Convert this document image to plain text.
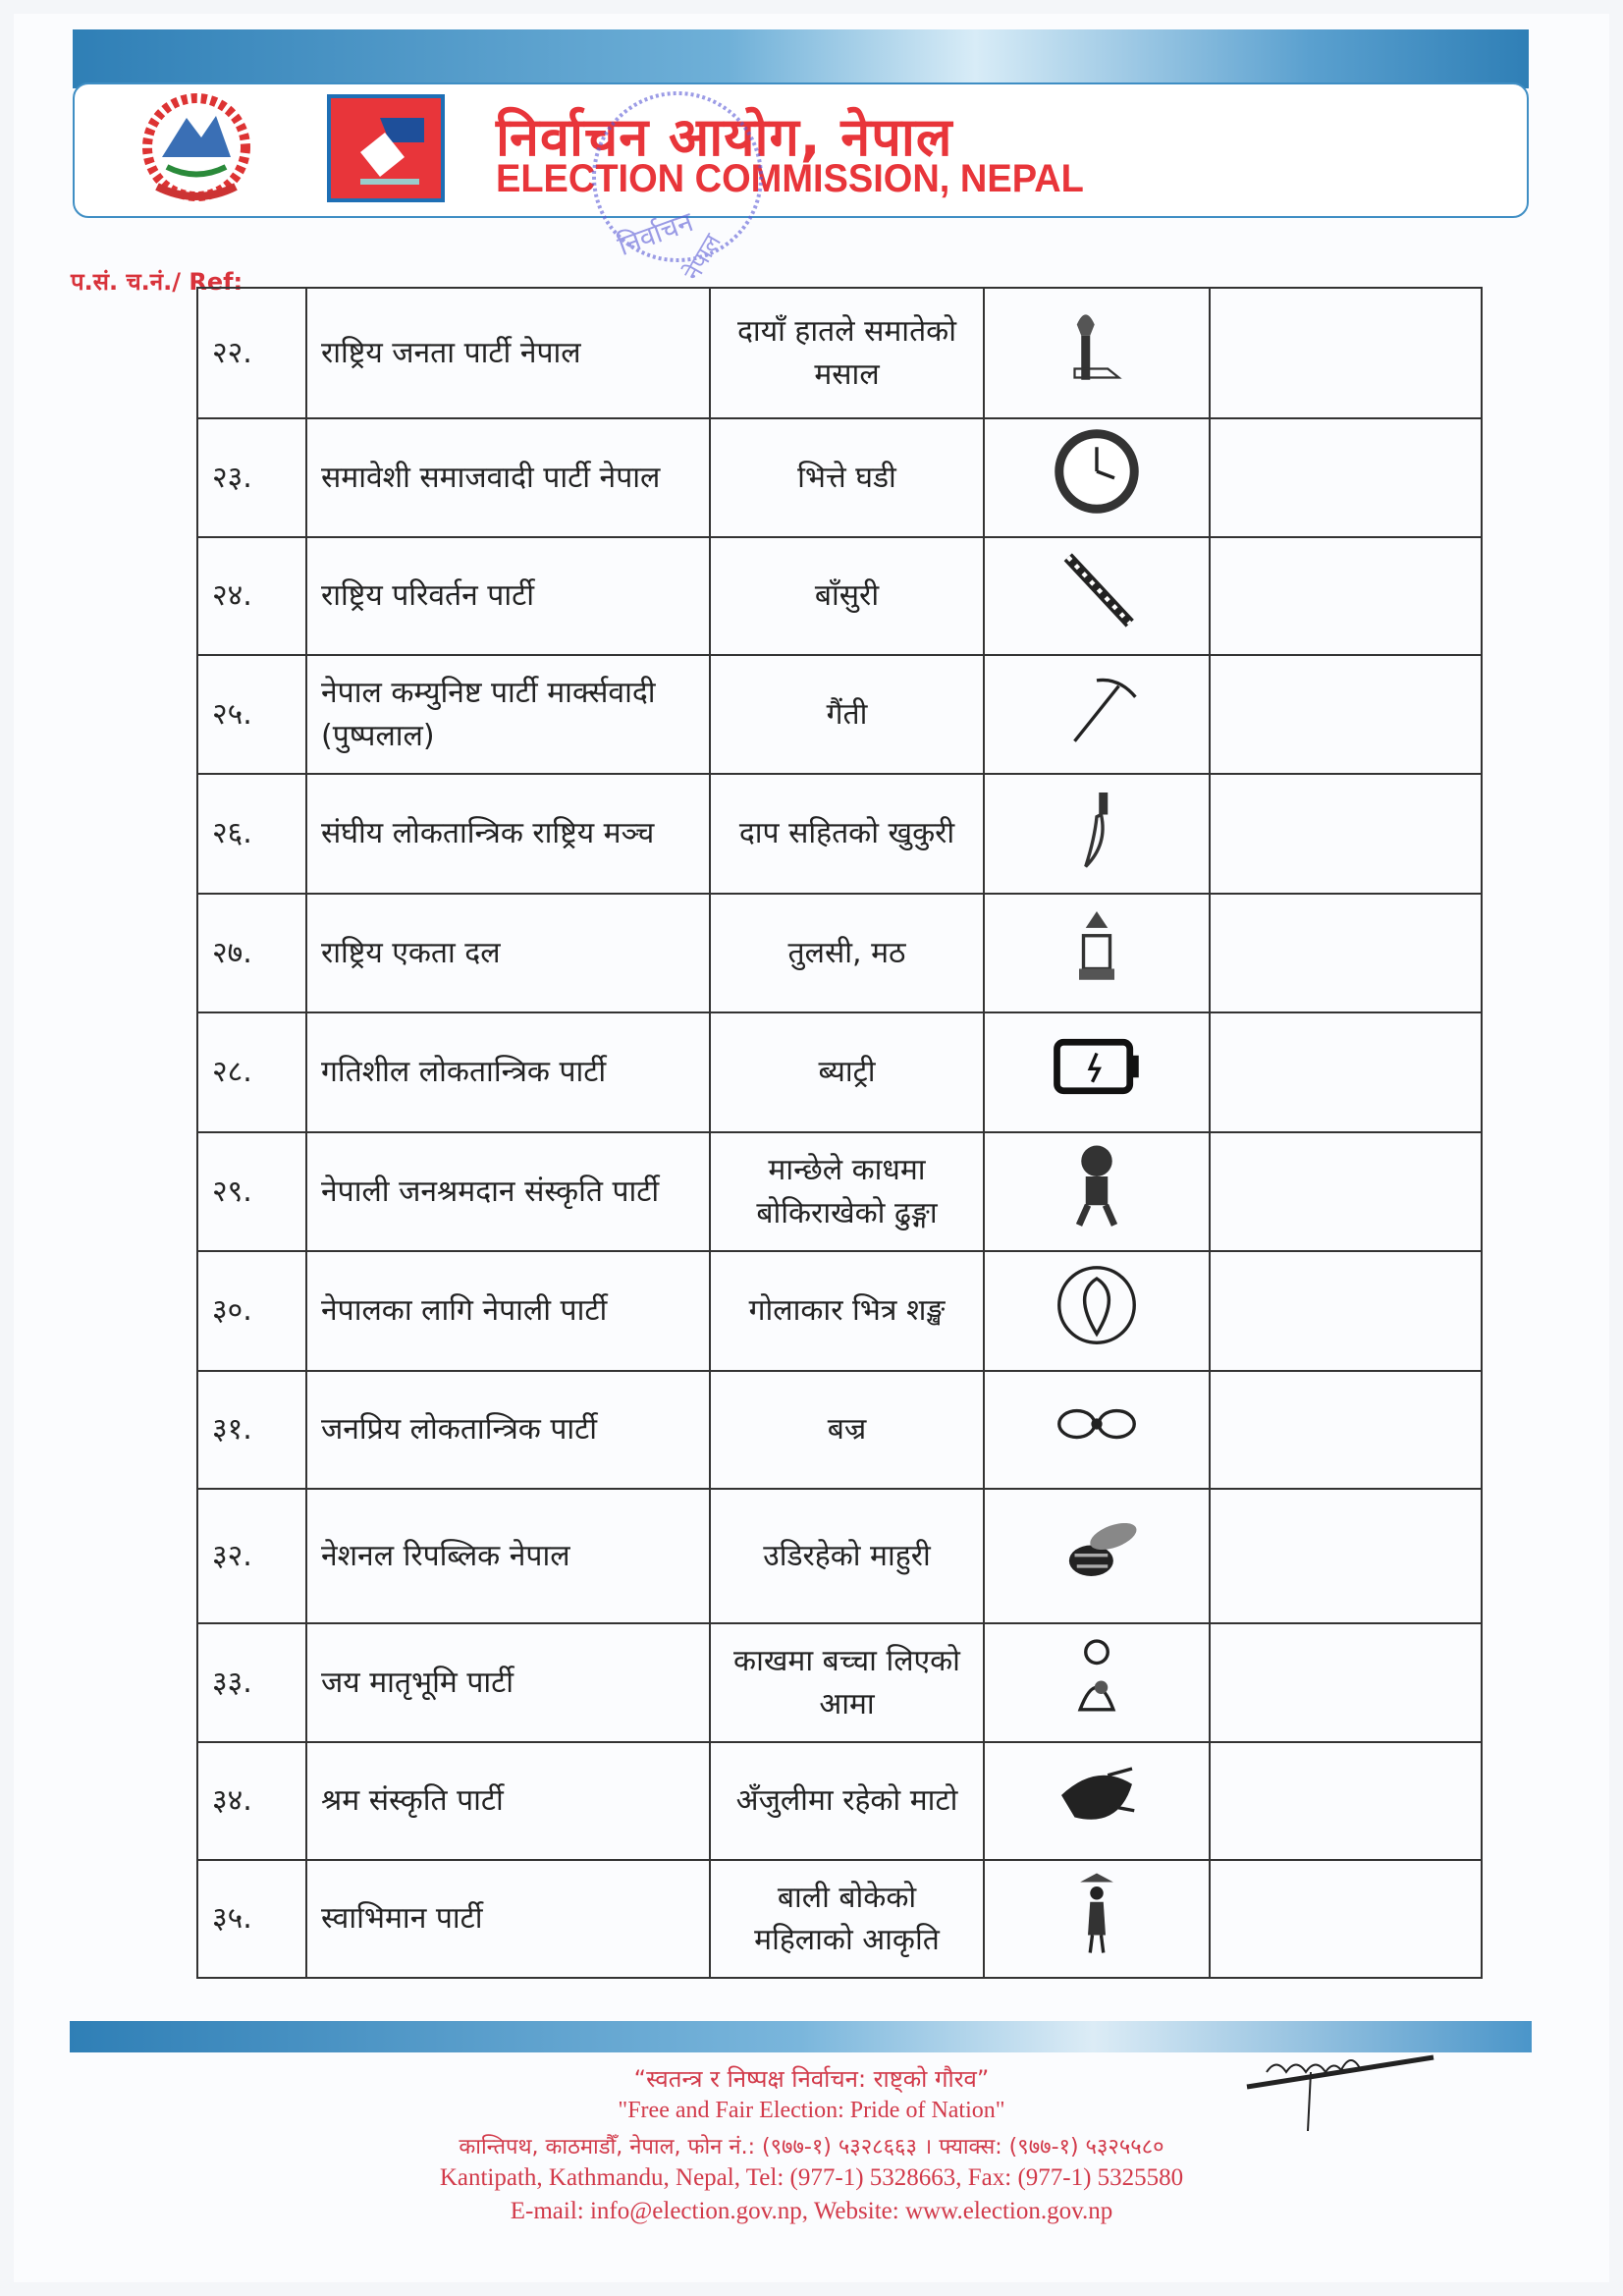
निर्वाचन आयोग, नेपाल
ELECTION COMMISSION, NEPAL
निर्वाचन
नेपाल
प.सं. च.नं./ Ref:
२२.	राष्ट्रिय जनता पार्टी नेपाल	दायाँ हातले समातेको मसाल		
२३.	समावेशी समाजवादी पार्टी नेपाल	भित्ते घडी		
२४.	राष्ट्रिय परिवर्तन पार्टी	बाँसुरी		
२५.	नेपाल कम्युनिष्ट पार्टी मार्क्सवादी (पुष्पलाल)	गैंती		
२६.	संघीय लोकतान्त्रिक राष्ट्रिय मञ्च	दाप सहितको खुकुरी		
२७.	राष्ट्रिय एकता दल	तुलसी, मठ		
२८.	गतिशील लोकतान्त्रिक पार्टी	ब्याट्री		
२९.	नेपाली जनश्रमदान संस्कृति पार्टी	मान्छेले काधमा बोकिराखेको ढुङ्गा		
३०.	नेपालका लागि नेपाली पार्टी	गोलाकार भित्र शङ्ख		
३१.	जनप्रिय लोकतान्त्रिक पार्टी	बज्र		
३२.	नेशनल रिपब्लिक नेपाल	उडिरहेको माहुरी		
३३.	जय मातृभूमि पार्टी	काखमा बच्चा लिएको आमा		
३४.	श्रम संस्कृति पार्टी	अँजुलीमा रहेको माटो		
३५.	स्वाभिमान पार्टी	बाली बोकेको महिलाको आकृति		
“स्वतन्त्र र निष्पक्ष निर्वाचन: राष्ट्को गौरव”
"Free and Fair Election: Pride of Nation"
कान्तिपथ, काठमाडौँ, नेपाल, फोन नं.: (९७७-१) ५३२८६६३ । फ्याक्स: (९७७-१) ५३२५५८०
Kantipath, Kathmandu, Nepal, Tel: (977-1) 5328663, Fax: (977-1) 5325580
E-mail: info@election.gov.np, Website: www.election.gov.np
